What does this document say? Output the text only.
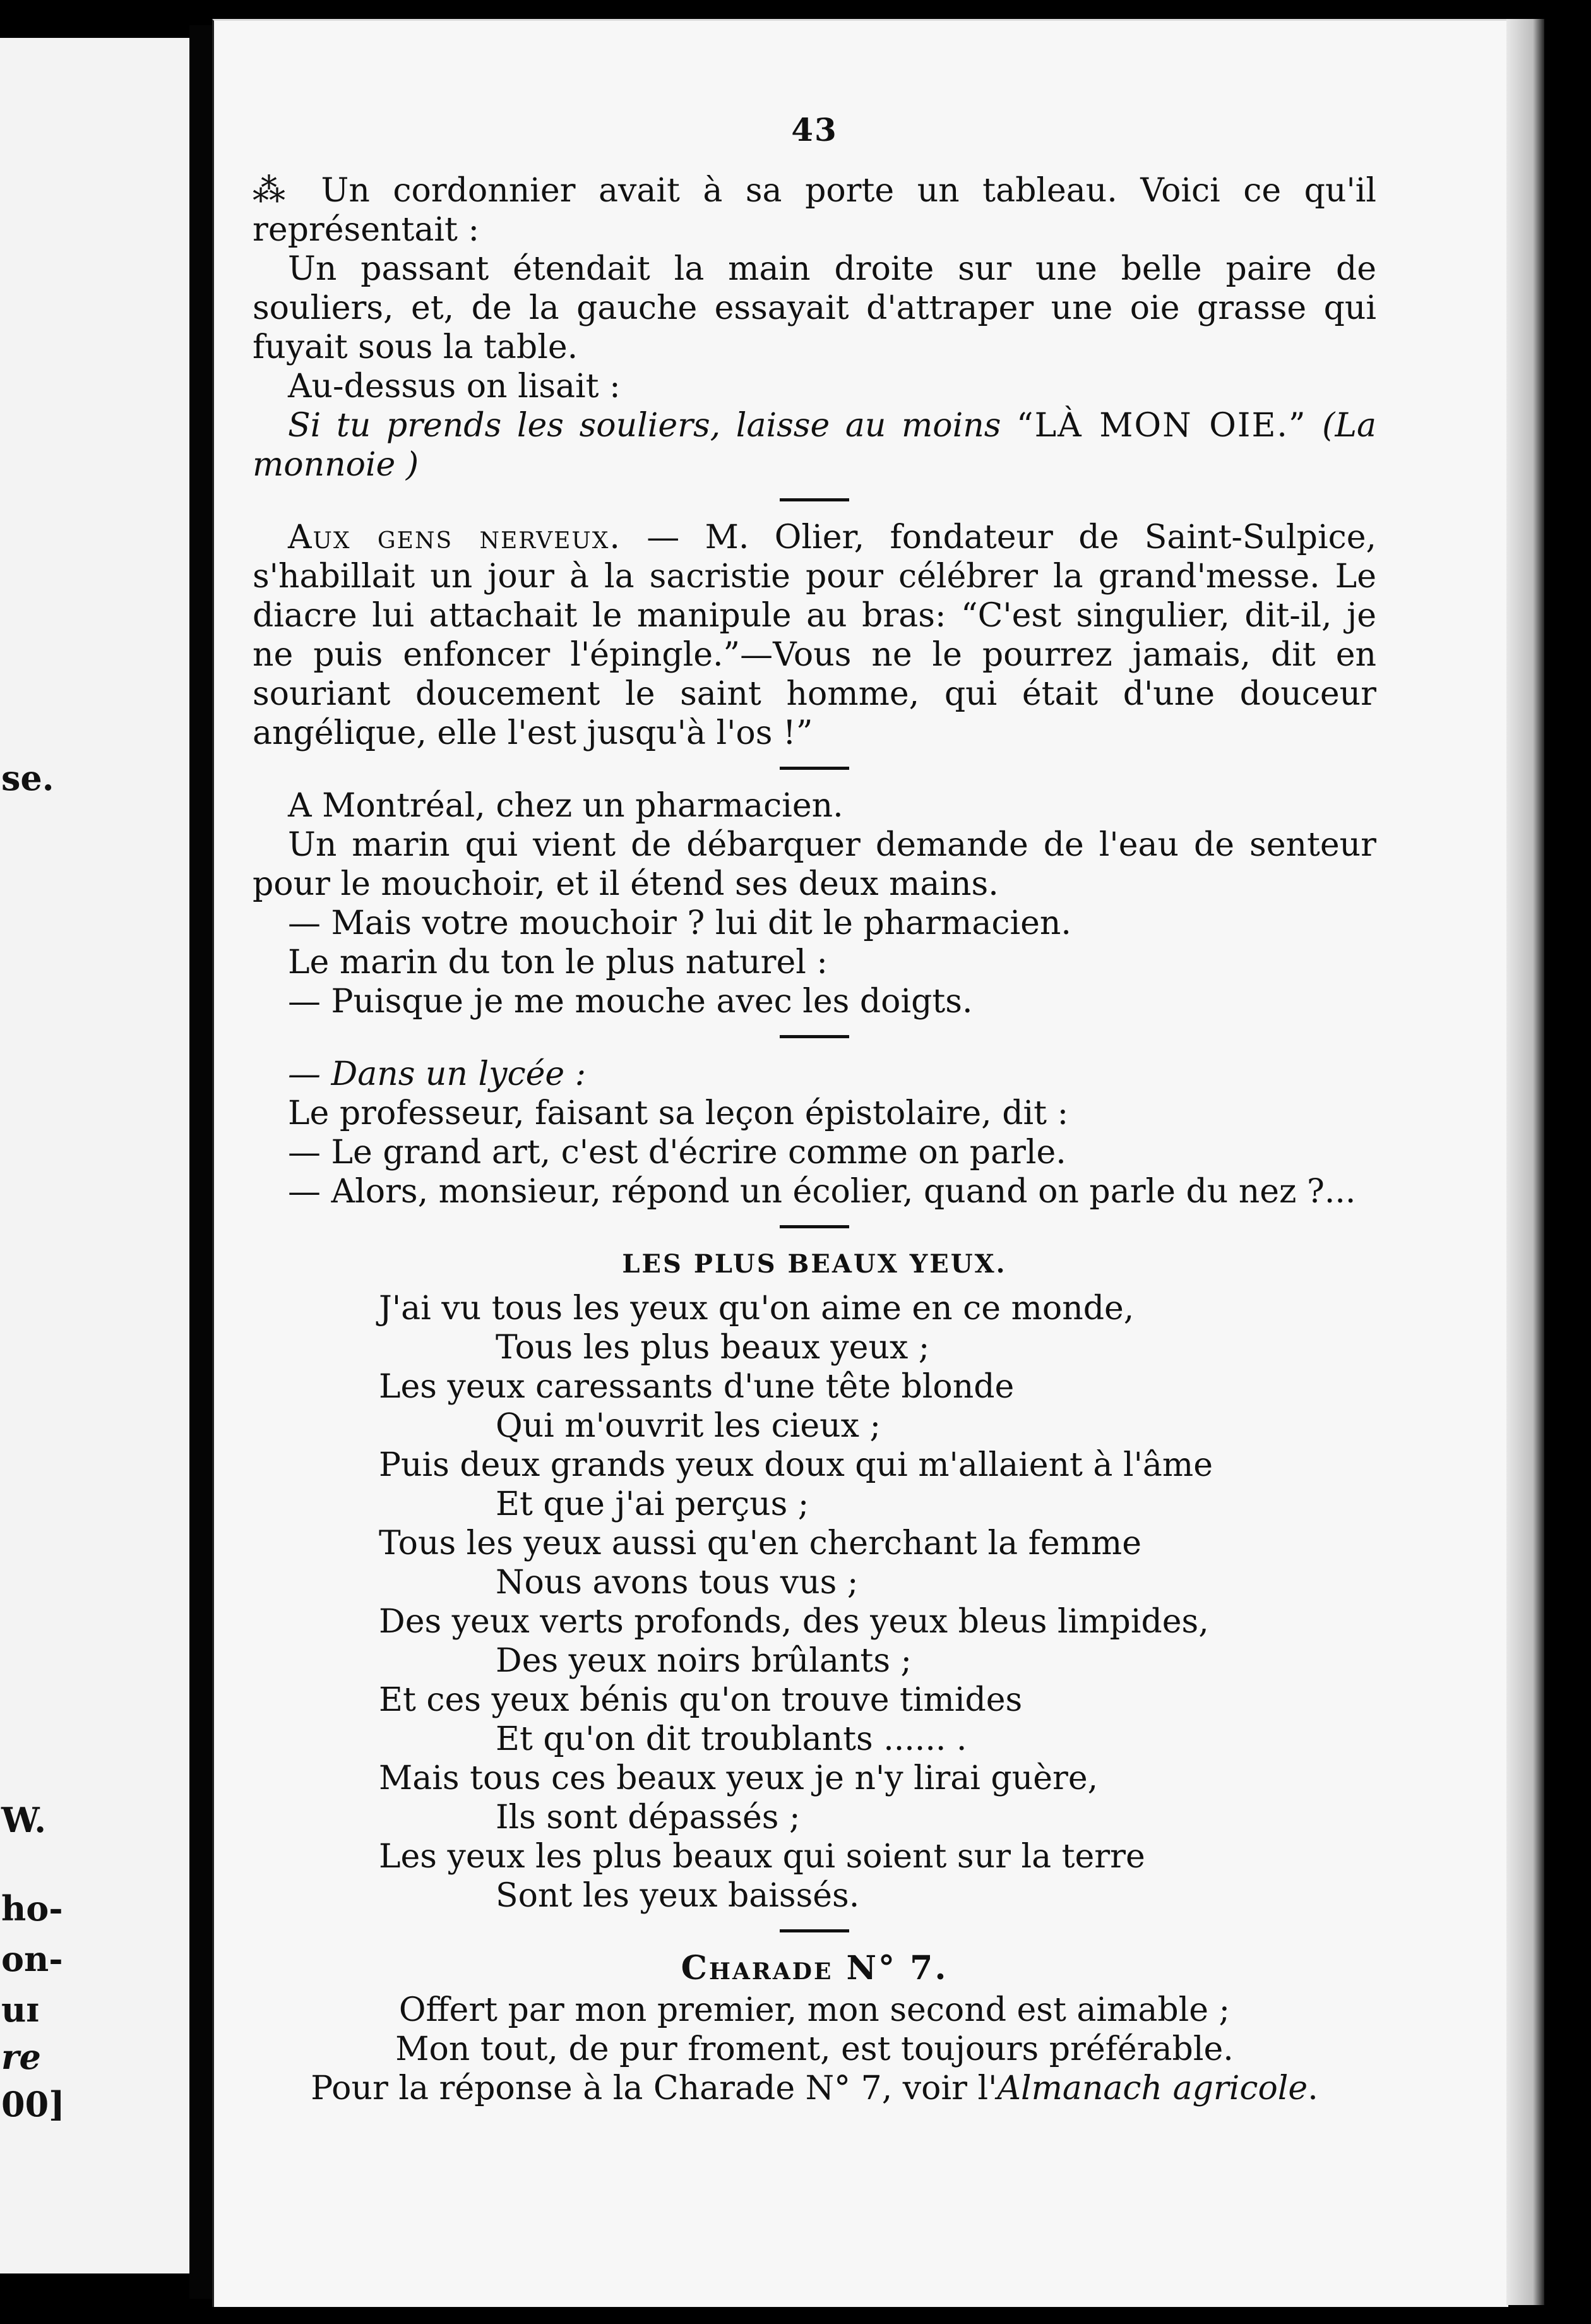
se.
W.
ho-
on-
uɪ
re
00]
43

⁂ Un cordonnier avait à sa porte un tableau. Voici ce qu'il représentait :

Un passant étendait la main droite sur une belle paire de souliers, et, de la gauche essayait d'attraper une oie grasse qui fuyait sous la table.

Au-dessus on lisait :

Si tu prends les souliers, laisse au moins “LÀ MON OIE.” (La monnoie )

Aux gens nerveux. — M. Olier, fondateur de Saint-Sulpice, s'habillait un jour à la sacristie pour célébrer la grand'messe. Le diacre lui attachait le manipule au bras: “C'est singulier, dit-il, je ne puis enfoncer l'épingle.”—Vous ne le pourrez jamais, dit en souriant doucement le saint homme, qui était d'une douceur angélique, elle l'est jusqu'à l'os !”

A Montréal, chez un pharmacien.

Un marin qui vient de débarquer demande de l'eau de senteur pour le mouchoir, et il étend ses deux mains.

— Mais votre mouchoir ? lui dit le pharmacien.

Le marin du ton le plus naturel :

— Puisque je me mouche avec les doigts.

— Dans un lycée :

Le professeur, faisant sa leçon épistolaire, dit :

— Le grand art, c'est d'écrire comme on parle.

— Alors, monsieur, répond un écolier, quand on parle du nez ?...

LES PLUS BEAUX YEUX.

J'ai vu tous les yeux qu'on aime en ce monde,

Tous les plus beaux yeux ;

Les yeux caressants d'une tête blonde

Qui m'ouvrit les cieux ;

Puis deux grands yeux doux qui m'allaient à l'âme

Et que j'ai perçus ;

Tous les yeux aussi qu'en cherchant la femme

Nous avons tous vus ;

Des yeux verts profonds, des yeux bleus limpides,

Des yeux noirs brûlants ;

Et ces yeux bénis qu'on trouve timides

Et qu'on dit troublants ...... .

Mais tous ces beaux yeux je n'y lirai guère,

Ils sont dépassés ;

Les yeux les plus beaux qui soient sur la terre

Sont les yeux baissés.

Charade N° 7.

Offert par mon premier, mon second est aimable ;

Mon tout, de pur froment, est toujours préférable.

Pour la réponse à la Charade N° 7, voir l'Almanach agricole.
